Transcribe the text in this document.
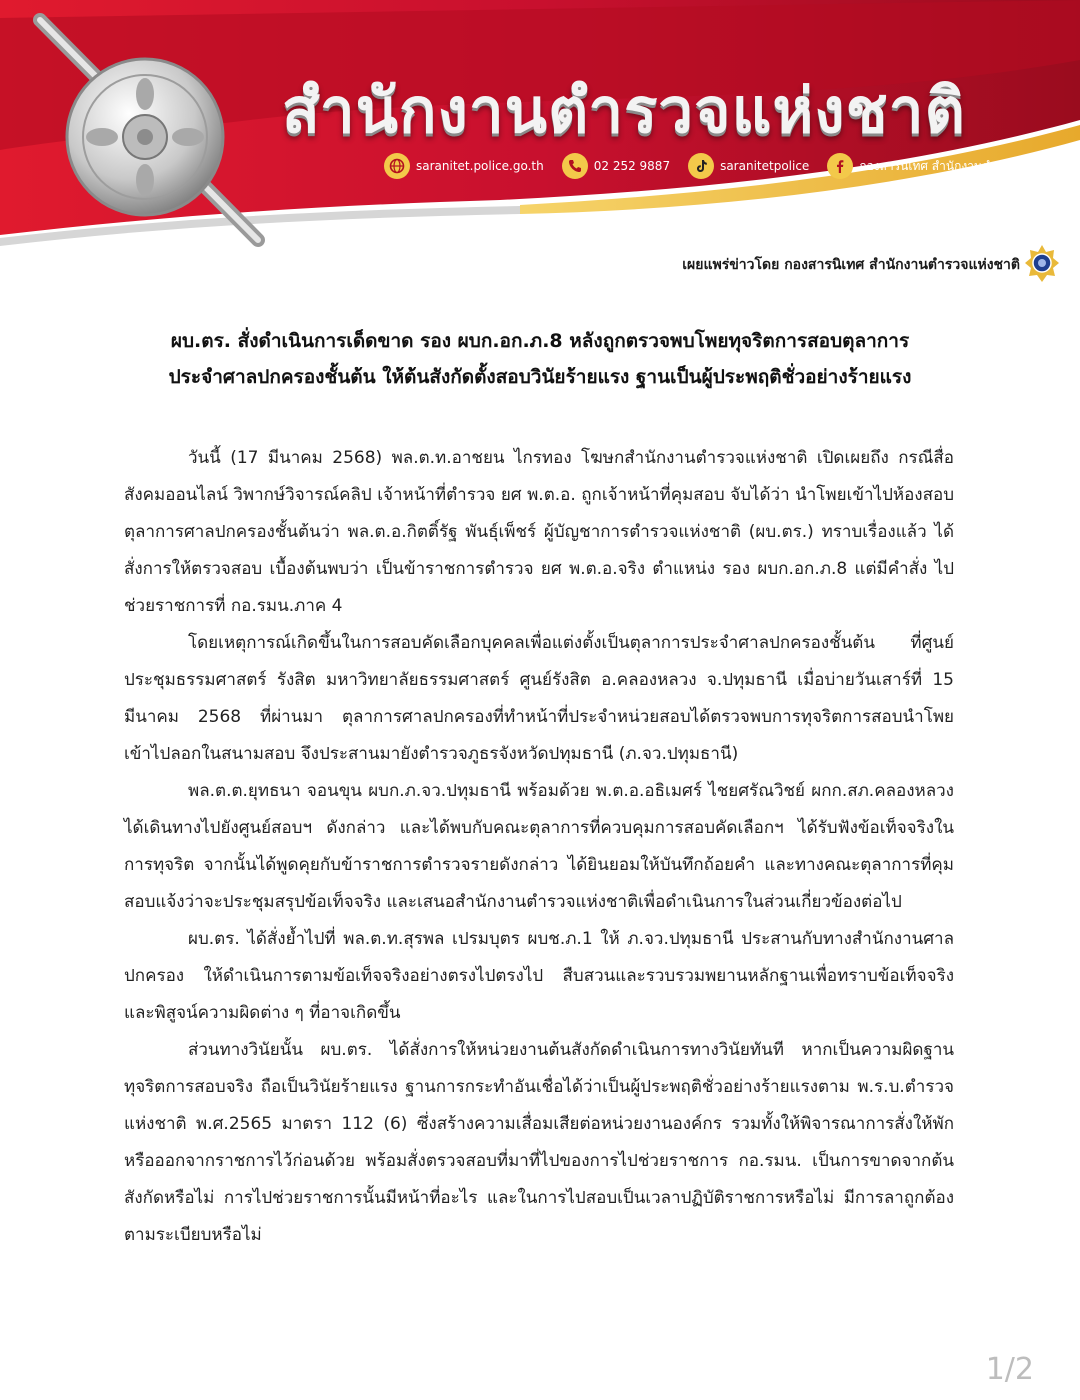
สำนักงานตำรวจแห่งชาติ
saranitet.police.go.th	02 252 9887	saranitetpolice	กองสารนิเทศ สำนักงานตำรวจแห่งชาติ
เผยแพร่ข่าวโดย กองสารนิเทศ สำนักงานตำรวจแห่งชาติ
ผบ.ตร. สั่งดำเนินการเด็ดขาด รอง ผบก.อก.ภ.8 หลังถูกตรวจพบโพยทุจริตการสอบตุลาการ
ประจำศาลปกครองชั้นต้น ให้ต้นสังกัดตั้งสอบวินัยร้ายแรง ฐานเป็นผู้ประพฤติชั่วอย่างร้ายแรง

วันนี้ (17 มีนาคม 2568) พล.ต.ท.อาชยน ไกรทอง โฆษกสำนักงานตำรวจแห่งชาติ เปิดเผยถึง กรณีสื่อสังคมออนไลน์ วิพากษ์วิจารณ์คลิป เจ้าหน้าที่ตำรวจ ยศ พ.ต.อ. ถูกเจ้าหน้าที่คุมสอบ จับได้ว่า นำโพยเข้าไปห้องสอบ ตุลาการศาลปกครองชั้นต้นว่า พล.ต.อ.กิตติ์รัฐ พันธุ์เพ็ชร์ ผู้บัญชาการตำรวจแห่งชาติ (ผบ.ตร.) ทราบเรื่องแล้ว ได้สั่งการให้ตรวจสอบ เบื้องต้นพบว่า เป็นข้าราชการตำรวจ ยศ พ.ต.อ.จริง ตำแหน่ง รอง ผบก.อก.ภ.8 แต่มีคำสั่ง ไปช่วยราชการที่ กอ.รมน.ภาค 4

โดยเหตุการณ์เกิดขึ้นในการสอบคัดเลือกบุคคลเพื่อแต่งตั้งเป็นตุลาการประจำศาลปกครองชั้นต้น ที่ศูนย์ประชุมธรรมศาสตร์ รังสิต มหาวิทยาลัยธรรมศาสตร์ ศูนย์รังสิต อ.คลองหลวง จ.ปทุมธานี เมื่อบ่ายวันเสาร์ที่ 15 มีนาคม 2568 ที่ผ่านมา ตุลาการศาลปกครองที่ทำหน้าที่ประจำหน่วยสอบได้ตรวจพบการทุจริตการสอบนำโพยเข้าไปลอกในสนามสอบ จึงประสานมายังตำรวจภูธรจังหวัดปทุมธานี (ภ.จว.ปทุมธานี)

พล.ต.ต.ยุทธนา จอนขุน ผบก.ภ.จว.ปทุมธานี พร้อมด้วย พ.ต.อ.อธิเมศร์ ไชยศรัณวิชย์ ผกก.สภ.คลองหลวง ได้เดินทางไปยังศูนย์สอบฯ ดังกล่าว และได้พบกับคณะตุลาการที่ควบคุมการสอบคัดเลือกฯ ได้รับฟังข้อเท็จจริงในการทุจริต จากนั้นได้พูดคุยกับข้าราชการตำรวจรายดังกล่าว ได้ยินยอมให้บันทึกถ้อยคำ และทางคณะตุลาการที่คุมสอบแจ้งว่าจะประชุมสรุปข้อเท็จจริง และเสนอสำนักงานตำรวจแห่งชาติเพื่อดำเนินการในส่วนเกี่ยวข้องต่อไป

ผบ.ตร. ได้สั่งย้ำไปที่ พล.ต.ท.สุรพล เปรมบุตร ผบช.ภ.1 ให้ ภ.จว.ปทุมธานี ประสานกับทางสำนักงานศาลปกครอง ให้ดำเนินการตามข้อเท็จจริงอย่างตรงไปตรงไป สืบสวนและรวบรวมพยานหลักฐานเพื่อทราบข้อเท็จจริงและพิสูจน์ความผิดต่าง ๆ ที่อาจเกิดขึ้น

ส่วนทางวินัยนั้น ผบ.ตร. ได้สั่งการให้หน่วยงานต้นสังกัดดำเนินการทางวินัยทันที หากเป็นความผิดฐานทุจริตการสอบจริง ถือเป็นวินัยร้ายแรง ฐานการกระทำอันเชื่อได้ว่าเป็นผู้ประพฤติชั่วอย่างร้ายแรงตาม พ.ร.บ.ตำรวจแห่งชาติ พ.ศ.2565 มาตรา 112 (6) ซึ่งสร้างความเสื่อมเสียต่อหน่วยงานองค์กร รวมทั้งให้พิจารณาการสั่งให้พักหรือออกจากราชการไว้ก่อนด้วย พร้อมสั่งตรวจสอบที่มาที่ไปของการไปช่วยราชการ กอ.รมน. เป็นการขาดจากต้นสังกัดหรือไม่ การไปช่วยราชการนั้นมีหน้าที่อะไร และในการไปสอบเป็นเวลาปฏิบัติราชการหรือไม่ มีการลาถูกต้องตามระเบียบหรือไม่

1/2
